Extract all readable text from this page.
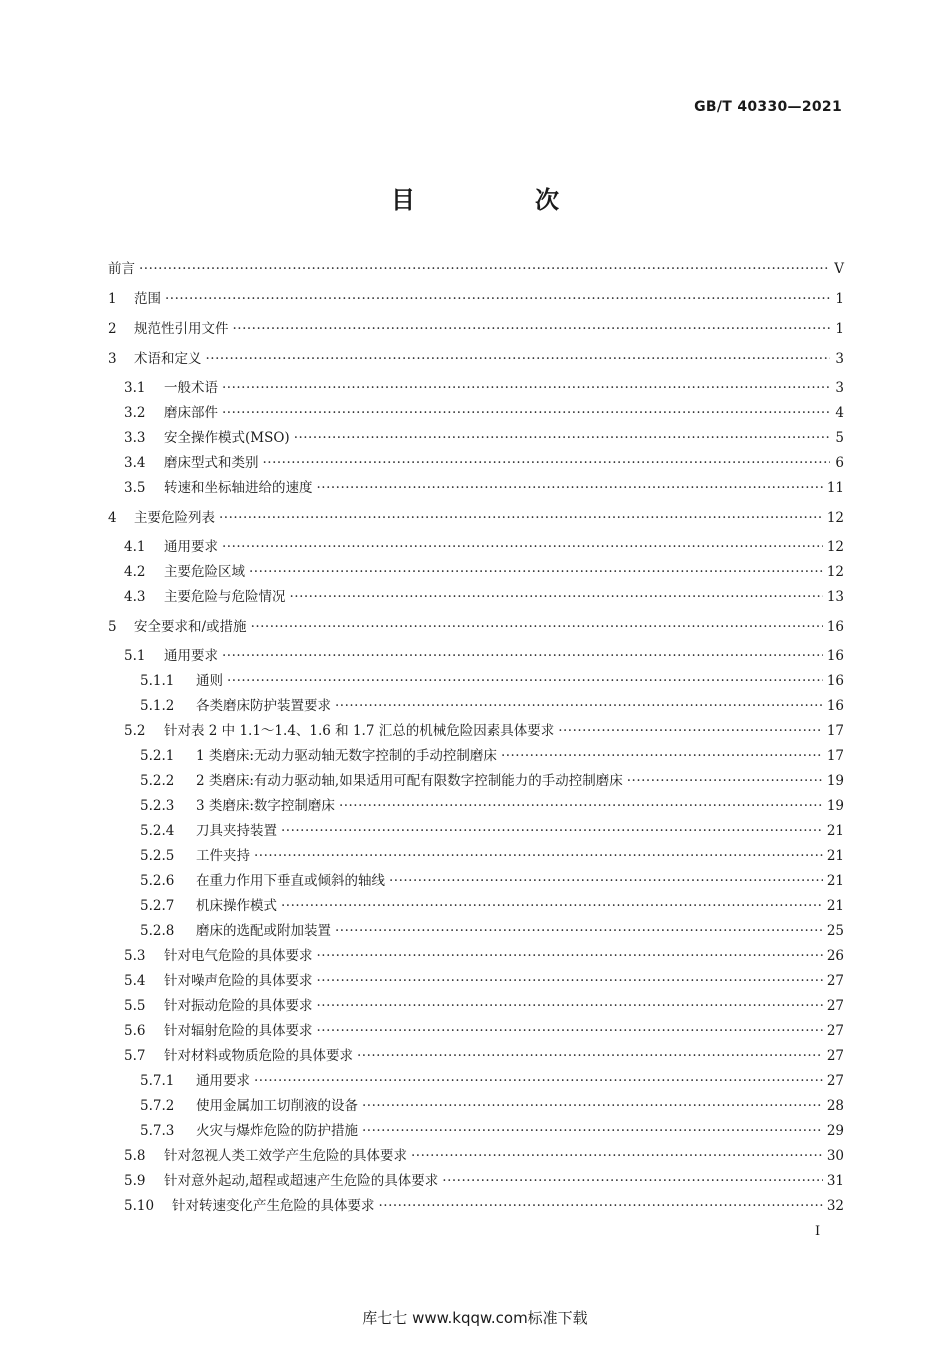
GB/T 40330—2021
目　次
前言 ·····	V
1	范围 ·····	1
2	规范性引用文件 ·····	1
3	术语和定义 ·····	3
3.1	一般术语 ·····	3
3.2	磨床部件 ·····	4
3.3	安全操作模式(MSO) ·····	5
3.4	磨床型式和类别 ·····	6
3.5	转速和坐标轴进给的速度 ·····	11
4	主要危险列表 ·····	12
4.1	通用要求 ·····	12
4.2	主要危险区域 ·····	12
4.3	主要危险与危险情况 ·····	13
5	安全要求和/或措施 ·····	16
5.1	通用要求 ·····	16
5.1.1	通则 ·····	16
5.1.2	各类磨床防护装置要求 ·····	16
5.2	针对表 2 中 1.1～1.4、1.6 和 1.7 汇总的机械危险因素具体要求 ·····	17
5.2.1	1 类磨床:无动力驱动轴无数字控制的手动控制磨床 ·····	17
5.2.2	2 类磨床:有动力驱动轴,如果适用可配有限数字控制能力的手动控制磨床 ·····	19
5.2.3	3 类磨床:数字控制磨床 ·····	19
5.2.4	刀具夹持装置 ·····	21
5.2.5	工件夹持 ·····	21
5.2.6	在重力作用下垂直或倾斜的轴线 ·····	21
5.2.7	机床操作模式 ·····	21
5.2.8	磨床的选配或附加装置 ·····	25
5.3	针对电气危险的具体要求 ·····	26
5.4	针对噪声危险的具体要求 ·····	27
5.5	针对振动危险的具体要求 ·····	27
5.6	针对辐射危险的具体要求 ·····	27
5.7	针对材料或物质危险的具体要求 ·····	27
5.7.1	通用要求 ·····	27
5.7.2	使用金属加工切削液的设备 ·····	28
5.7.3	火灾与爆炸危险的防护措施 ·····	29
5.8	针对忽视人类工效学产生危险的具体要求 ·····	30
5.9	针对意外起动,超程或超速产生危险的具体要求 ·····	31
5.10	针对转速变化产生危险的具体要求 ·····	32
I
库七七 www.kqqw.com标准下载
